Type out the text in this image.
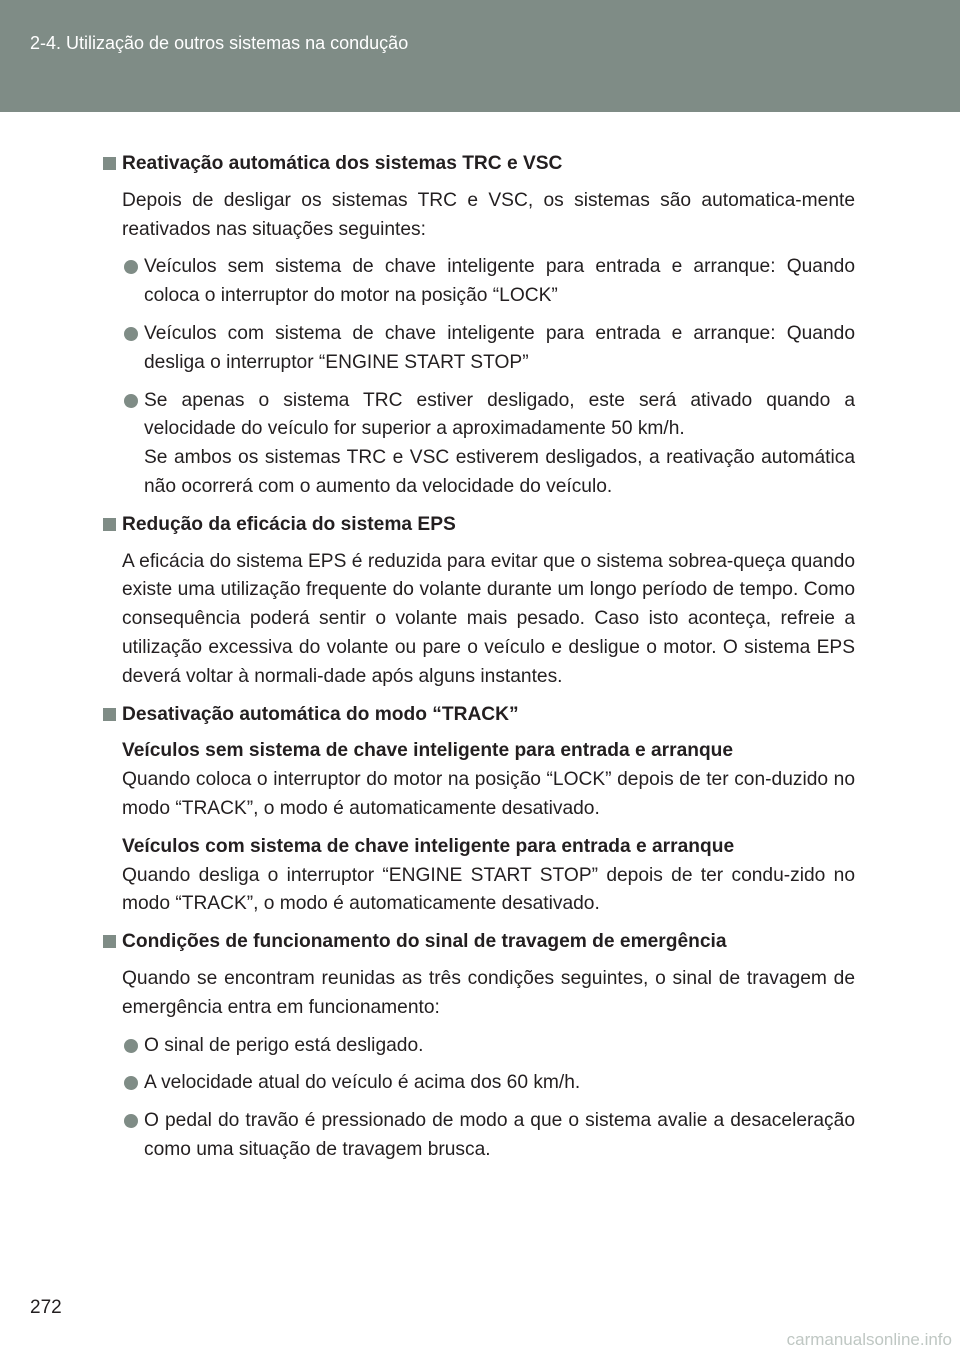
2-4. Utilização de outros sistemas na condução
Reativação automática dos sistemas TRC e VSC
Depois de desligar os sistemas TRC e VSC, os sistemas são automatica-mente reativados nas situações seguintes:
Veículos sem sistema de chave inteligente para entrada e arranque: Quando coloca o interruptor do motor na posição “LOCK”
Veículos com sistema de chave inteligente para entrada e arranque: Quando desliga o interruptor “ENGINE START STOP”
Se apenas o sistema TRC estiver desligado, este será ativado quando a velocidade do veículo for superior a aproximadamente 50 km/h.
Se ambos os sistemas TRC e VSC estiverem desligados, a reativação automática não ocorrerá com o aumento da velocidade do veículo.
Redução da eficácia do sistema EPS
A eficácia do sistema EPS é reduzida para evitar que o sistema sobrea-queça quando existe uma utilização frequente do volante durante um longo período de tempo. Como consequência poderá sentir o volante mais pesado. Caso isto aconteça, refreie a utilização excessiva do volante ou pare o veículo e desligue o motor. O sistema EPS deverá voltar à normali-dade após alguns instantes.
Desativação automática do modo “TRACK”
Veículos sem sistema de chave inteligente para entrada e arranque
Quando coloca o interruptor do motor na posição “LOCK” depois de ter con-duzido no modo “TRACK”, o modo é automaticamente desativado.
Veículos com sistema de chave inteligente para entrada e arranque
Quando desliga o interruptor “ENGINE START STOP” depois de ter condu-zido no modo “TRACK”, o modo é automaticamente desativado.
Condições de funcionamento do sinal de travagem de emergência
Quando se encontram reunidas as três condições seguintes, o sinal de travagem de emergência entra em funcionamento:
O sinal de perigo está desligado.
A velocidade atual do veículo é acima dos 60 km/h.
O pedal do travão é pressionado de modo a que o sistema avalie a desaceleração como uma situação de travagem brusca.
272
carmanualsonline.info
